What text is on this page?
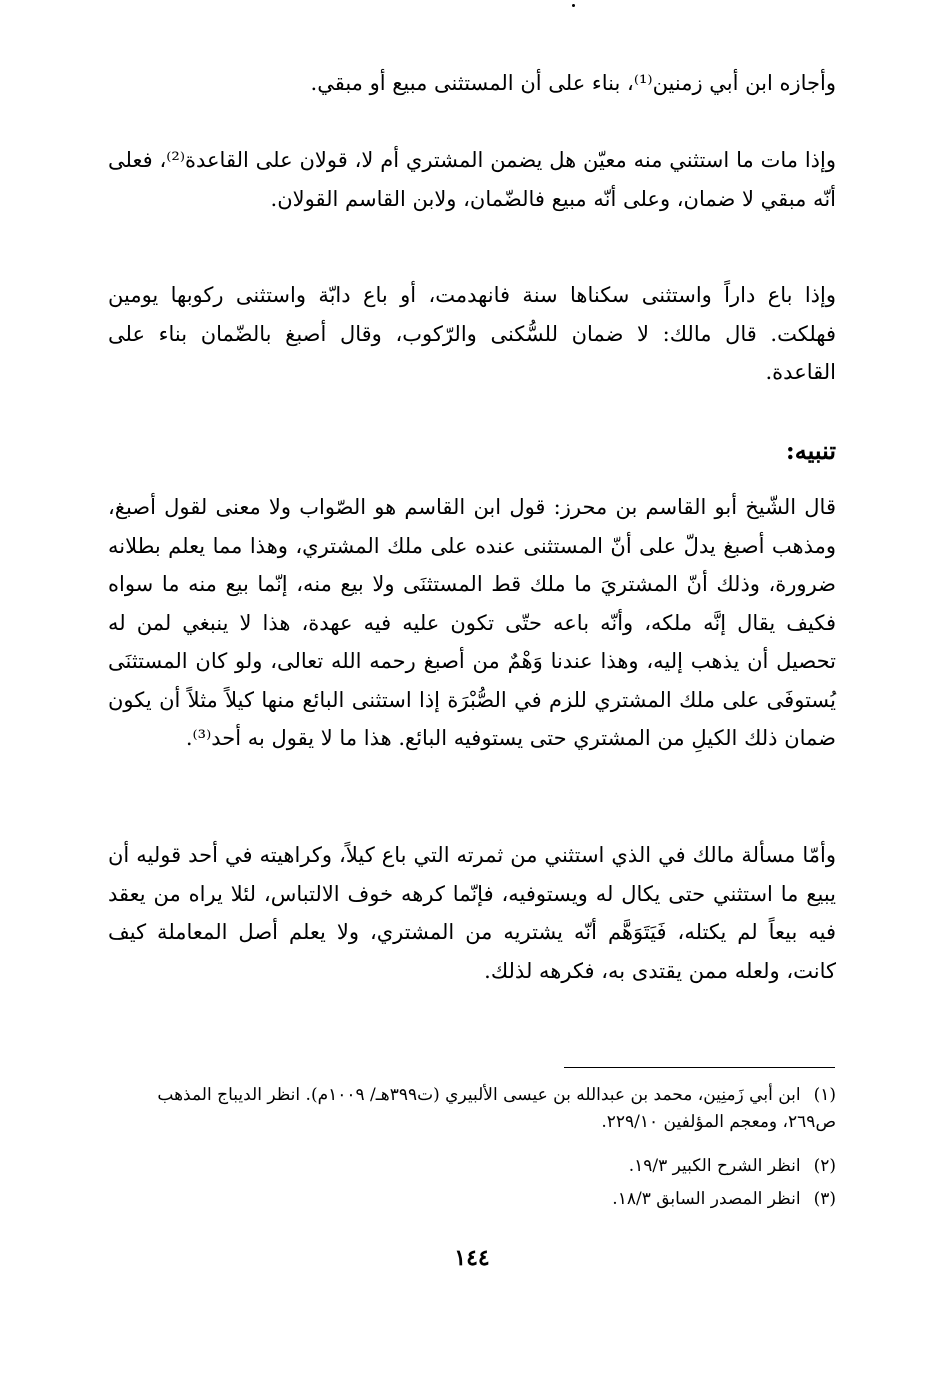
وأجازه ابن أبي زمنين⁽¹⁾، بناء على أن المستثنى مبيع أو مبقي.

وإذا مات ما استثني منه معيّن هل يضمن المشتري أم لا، قولان على القاعدة⁽²⁾، فعلى أنّه مبقي لا ضمان، وعلى أنّه مبيع فالضّمان، ولابن القاسم القولان.

وإذا باع داراً واستثنى سكناها سنة فانهدمت، أو باع دابّة واستثنى ركوبها يومين فهلكت. قال مالك: لا ضمان للسُّكنى والرّكوب، وقال أصبغ بالضّمان بناء على القاعدة.

تنبيه:

قال الشّيخ أبو القاسم بن محرز: قول ابن القاسم هو الصّواب ولا معنى لقول أصبغ، ومذهب أصبغ يدلّ على أنّ المستثنى عنده على ملك المشتري، وهذا مما يعلم بطلانه ضرورة، وذلك أنّ المشتريَ ما ملك قط المستثنَى ولا بيع منه، إنّما بيع منه ما سواه فكيف يقال إنَّه ملكه، وأنّه باعه حتّى تكون عليه فيه عهدة، هذا لا ينبغي لمن له تحصيل أن يذهب إليه، وهذا عندنا وَهْمٌ من أصبغ رحمه الله تعالى، ولو كان المستثنَى يُستوفَى على ملك المشتري للزم في الصُّبْرَة إذا استثنى البائع منها كيلاً مثلاً أن يكون ضمان ذلك الكيلِ من المشتري حتى يستوفيه البائع. هذا ما لا يقول به أحد⁽³⁾.

وأمّا مسألة مالك في الذي استثني من ثمرته التي باع كيلاً، وكراهيته في أحد قوليه أن يبيع ما استثني حتى يكال له ويستوفيه، فإنّما كرهه خوف الالتباس، لئلا يراه من يعقد فيه بيعاً لم يكتله، فَيَتَوَهَّم أنّه يشتريه من المشتري، ولا يعلم أصل المعاملة كيف كانت، ولعله ممن يقتدى به، فكرهه لذلك.

(١) ابن أبي زَمنِين، محمد بن عبدالله بن عيسى الألبيري (ت٣٩٩هـ/ ١٠٠٩م). انظر الديباج المذهب ص٢٦٩، ومعجم المؤلفين ٢٢٩/١٠.
(٢) انظر الشرح الكبير ١٩/٣.
(٣) انظر المصدر السابق ١٨/٣.
١٤٤
